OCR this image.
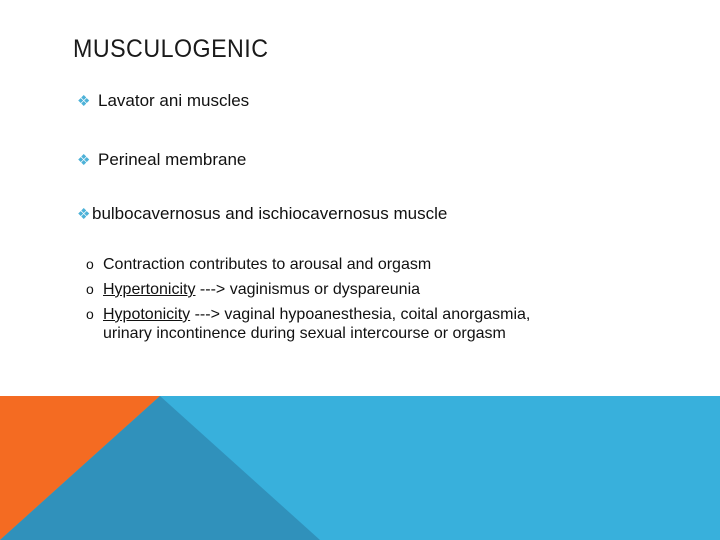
MUSCULOGENIC
❖ Lavator ani muscles
❖ Perineal membrane
❖bulbocavernosus and ischiocavernosus muscle
o Contraction contributes to arousal and orgasm
o Hypertonicity ---> vaginismus or dyspareunia
o Hypotonicity ---> vaginal hypoanesthesia, coital anorgasmia,
urinary incontinence during sexual intercourse or orgasm
